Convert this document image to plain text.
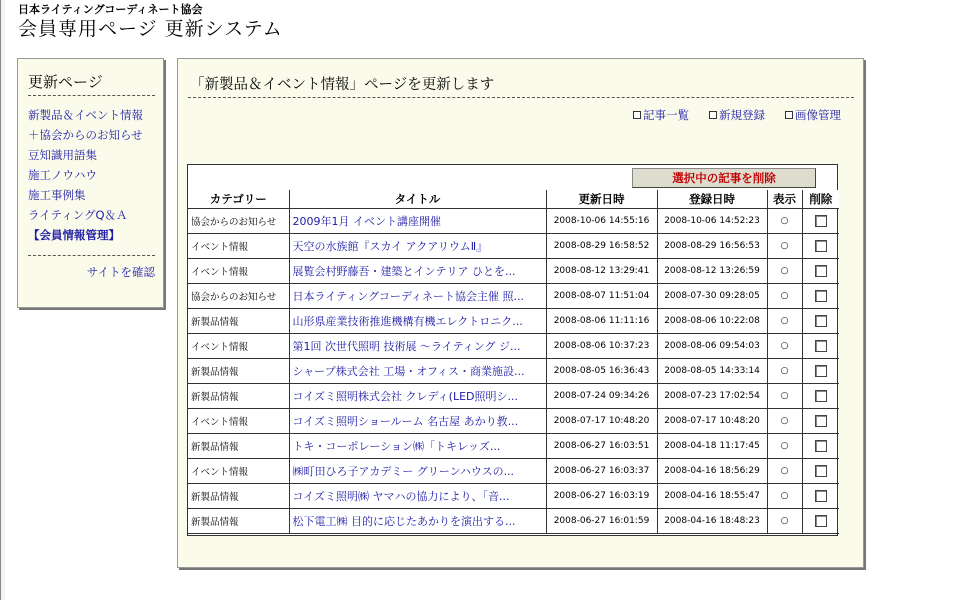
日本ライティングコーディネート協会
会員専用ページ 更新システム
更新ページ
新製品＆イベント情報
＋協会からのお知らせ
豆知識用語集
施工ノウハウ
施工事例集
ライティングQ＆Ａ
【会員情報管理】
サイトを確認
「新製品＆イベント情報」ページを更新します
記事一覧	新規登録	画像管理
選択中の記事を削除
カテゴリー	タイトル	更新日時	登録日時	表示	削除
協会からのお知らせ	2009年1月 イベント講座開催	2008-10-06 14:55:16	2008-10-06 14:52:23	○	
イベント情報	天空の水族館『スカイ アクアリウムⅡ』	2008-08-29 16:58:52	2008-08-29 16:56:53	○	
イベント情報	展覧会村野藤吾・建築とインテリア ひとを...	2008-08-12 13:29:41	2008-08-12 13:26:59	○	
協会からのお知らせ	日本ライティングコーディネート協会主催 照...	2008-08-07 11:51:04	2008-07-30 09:28:05	○	
新製品情報	山形県産業技術推進機構有機エレクトロニク...	2008-08-06 11:11:16	2008-08-06 10:22:08	○	
イベント情報	第1回 次世代照明 技術展 ～ライティング ジ...	2008-08-06 10:37:23	2008-08-06 09:54:03	○	
新製品情報	シャープ株式会社 工場・オフィス・商業施設...	2008-08-05 16:36:43	2008-08-05 14:33:14	○	
新製品情報	コイズミ照明株式会社 クレディ(LED照明シ...	2008-07-24 09:34:26	2008-07-23 17:02:54	○	
イベント情報	コイズミ照明ショールーム 名古屋 あかり教...	2008-07-17 10:48:20	2008-07-17 10:48:20	○	
新製品情報	トキ・コーポレーション㈱「トキレッズ...	2008-06-27 16:03:51	2008-04-18 11:17:45	○	
イベント情報	㈱町田ひろ子アカデミー グリーンハウスの...	2008-06-27 16:03:37	2008-04-16 18:56:29	○	
新製品情報	コイズミ照明㈱ ヤマハの協力により、「音...	2008-06-27 16:03:19	2008-04-16 18:55:47	○	
新製品情報	松下電工㈱ 目的に応じたあかりを演出する...	2008-06-27 16:01:59	2008-04-16 18:48:23	○	
